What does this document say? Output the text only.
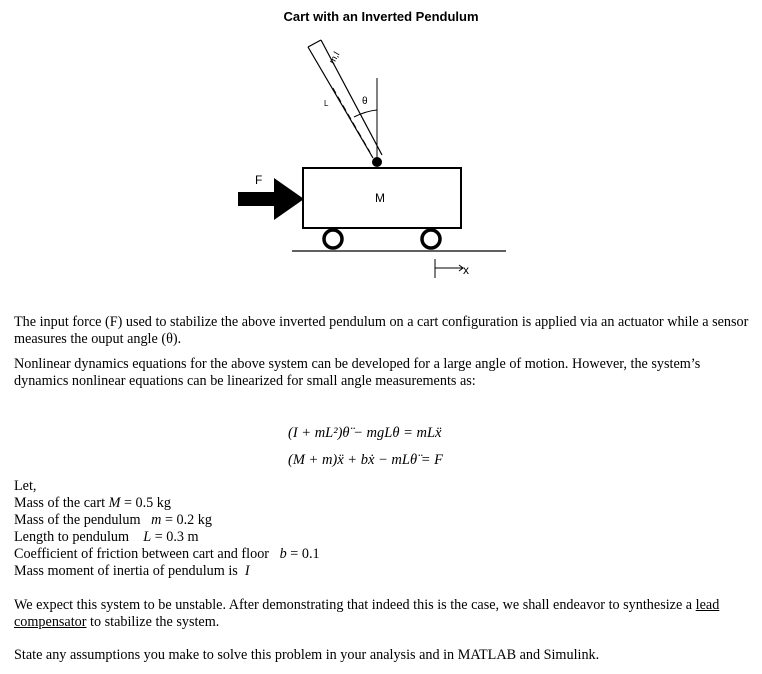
Cart with an Inverted Pendulum
m,l
L	θ
M
F
x
The input force (F) used to stabilize the above inverted pendulum on a cart configuration is applied via an actuator while a sensor measures the ouput angle (θ).
Nonlinear dynamics equations for the above system can be developed for a large angle of motion. However, the system’s dynamics nonlinear equations can be linearized for small angle measurements as:
(I + mL²)θ̈ − mgLθ = mLẍ
(M + m)ẍ + bẋ − mLθ̈ = F
Let,
Mass of the cart M = 0.5 kg
Mass of the pendulum   m = 0.2 kg
Length to pendulum    L = 0.3 m
Coefficient of friction between cart and floor   b = 0.1
Mass moment of inertia of pendulum is  I
We expect this system to be unstable. After demonstrating that indeed this is the case, we shall endeavor to synthesize a lead compensator to stabilize the system.
State any assumptions you make to solve this problem in your analysis and in MATLAB and Simulink.
